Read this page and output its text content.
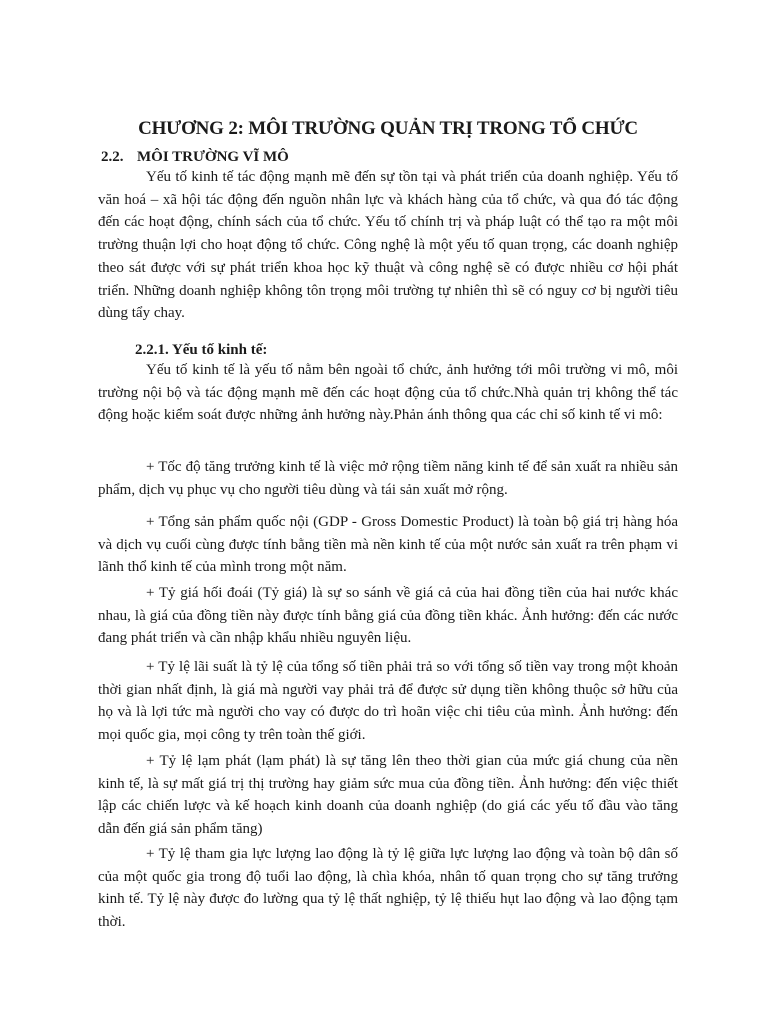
CHƯƠNG 2: MÔI TRƯỜNG QUẢN TRỊ TRONG TỔ CHỨC
2.2. MÔI TRƯỜNG VĨ MÔ

Yếu tố kinh tế tác động mạnh mẽ đến sự tồn tại và phát triển của doanh nghiệp. Yếu tố văn hoá – xã hội tác động đến nguồn nhân lực và khách hàng của tổ chức, và qua đó tác động đến các hoạt động, chính sách của tổ chức. Yếu tố chính trị và pháp luật có thể tạo ra một môi trường thuận lợi cho hoạt động tổ chức. Công nghệ là một yếu tố quan trọng, các doanh nghiệp theo sát được với sự phát triển khoa học kỹ thuật và công nghệ sẽ có được nhiều cơ hội phát triển. Những doanh nghiệp không tôn trọng môi trường tự nhiên thì sẽ có nguy cơ bị người tiêu dùng tẩy chay.

2.2.1. Yếu tố kinh tế:

Yếu tố kinh tế là yếu tố nằm bên ngoài tổ chức, ảnh hưởng tới môi trường vi mô, môi trường nội bộ và tác động mạnh mẽ đến các hoạt động của tổ chức.Nhà quản trị không thể tác động hoặc kiểm soát được những ảnh hưởng này.Phản ánh thông qua các chỉ số kinh tế vi mô:

+ Tốc độ tăng trưởng kinh tế là việc mở rộng tiềm năng kinh tế để sản xuất ra nhiều sản phẩm, dịch vụ phục vụ cho người tiêu dùng và tái sản xuất mở rộng.

+ Tổng sản phẩm quốc nội (GDP - Gross Domestic Product) là toàn bộ giá trị hàng hóa và dịch vụ cuối cùng được tính bằng tiền mà nền kinh tế của một nước sản xuất ra trên phạm vi lãnh thổ kinh tế của mình trong một năm.

+ Tỷ giá hối đoái (Tỷ giá) là sự so sánh về giá cả của hai đồng tiền của hai nước khác nhau, là giá của đồng tiền này được tính bằng giá của đồng tiền khác. Ảnh hưởng: đến các nước đang phát triển và cần nhập khẩu nhiều nguyên liệu.

+ Tỷ lệ lãi suất là tỷ lệ của tổng số tiền phải trả so với tổng số tiền vay trong một khoản thời gian nhất định, là giá mà người vay phải trả để được sử dụng tiền không thuộc sở hữu của họ và là lợi tức mà người cho vay có được do trì hoãn việc chi tiêu của mình. Ảnh hưởng: đến mọi quốc gia, mọi công ty trên toàn thế giới.

+ Tỷ lệ lạm phát (lạm phát) là sự tăng lên theo thời gian của mức giá chung của nền kinh tế, là sự mất giá trị thị trường hay giảm sức mua của đồng tiền. Ảnh hưởng: đến việc thiết lập các chiến lược và kế hoạch kinh doanh của doanh nghiệp (do giá các yếu tố đầu vào tăng dẫn đến giá sản phẩm tăng)

+ Tỷ lệ tham gia lực lượng lao động là tỷ lệ giữa lực lượng lao động và toàn bộ dân số của một quốc gia trong độ tuổi lao động, là chìa khóa, nhân tố quan trọng cho sự tăng trưởng kinh tế. Tỷ lệ này được đo lường qua tỷ lệ thất nghiệp, tỷ lệ thiếu hụt lao động và lao động tạm thời.
